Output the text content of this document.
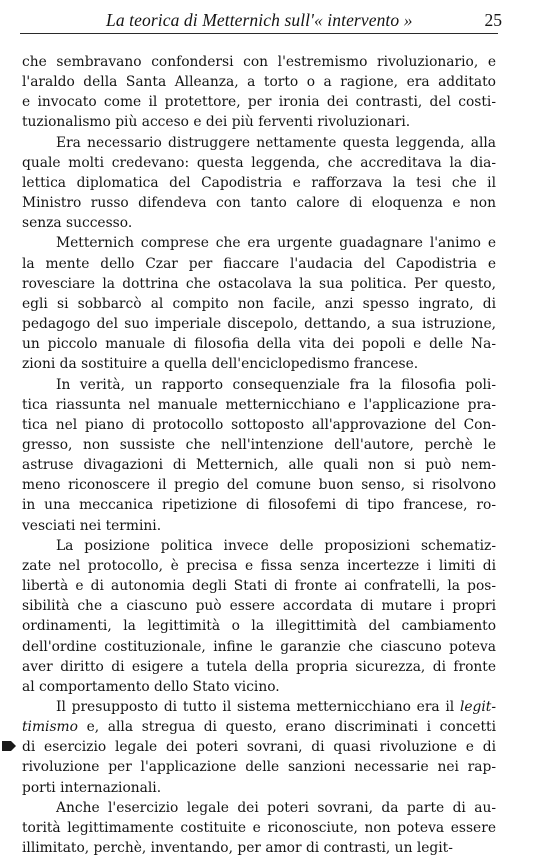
La teorica di Metternich sull'« intervento »	25
che sembravano confondersi con l'estremismo rivoluzionario, e
l'araldo della Santa Alleanza, a torto o a ragione, era additato
e invocato come il protettore, per ironia dei contrasti, del costi-
tuzionalismo più acceso e dei più ferventi rivoluzionari.
Era necessario distruggere nettamente questa leggenda, alla
quale molti credevano: questa leggenda, che accreditava la dia-
lettica diplomatica del Capodistria e rafforzava la tesi che il
Ministro russo difendeva con tanto calore di eloquenza e non
senza successo.
Metternich comprese che era urgente guadagnare l'animo e
la mente dello Czar per fiaccare l'audacia del Capodistria e
rovesciare la dottrina che ostacolava la sua politica. Per questo,
egli si sobbarcò al compito non facile, anzi spesso ingrato, di
pedagogo del suo imperiale discepolo, dettando, a sua istruzione,
un piccolo manuale di filosofia della vita dei popoli e delle Na-
zioni da sostituire a quella dell'enciclopedismo francese.
In verità, un rapporto consequenziale fra la filosofia poli-
tica riassunta nel manuale metternicchiano e l'applicazione pra-
tica nel piano di protocollo sottoposto all'approvazione del Con-
gresso, non sussiste che nell'intenzione dell'autore, perchè le
astruse divagazioni di Metternich, alle quali non si può nem-
meno riconoscere il pregio del comune buon senso, si risolvono
in una meccanica ripetizione di filosofemi di tipo francese, ro-
vesciati nei termini.
La posizione politica invece delle proposizioni schematiz-
zate nel protocollo, è precisa e fissa senza incertezze i limiti di
libertà e di autonomia degli Stati di fronte ai confratelli, la pos-
sibilità che a ciascuno può essere accordata di mutare i propri
ordinamenti, la legittimità o la illegittimità del cambiamento
dell'ordine costituzionale, infine le garanzie che ciascuno poteva
aver diritto di esigere a tutela della propria sicurezza, di fronte
al comportamento dello Stato vicino.
Il presupposto di tutto il sistema metternicchiano era il legit-
timismo e, alla stregua di questo, erano discriminati i concetti
di esercizio legale dei poteri sovrani, di quasi rivoluzione e di
rivoluzione per l'applicazione delle sanzioni necessarie nei rap-
porti internazionali.
Anche l'esercizio legale dei poteri sovrani, da parte di au-
torità legittimamente costituite e riconosciute, non poteva essere
illimitato, perchè, inventando, per amor di contrasti, un legit-
